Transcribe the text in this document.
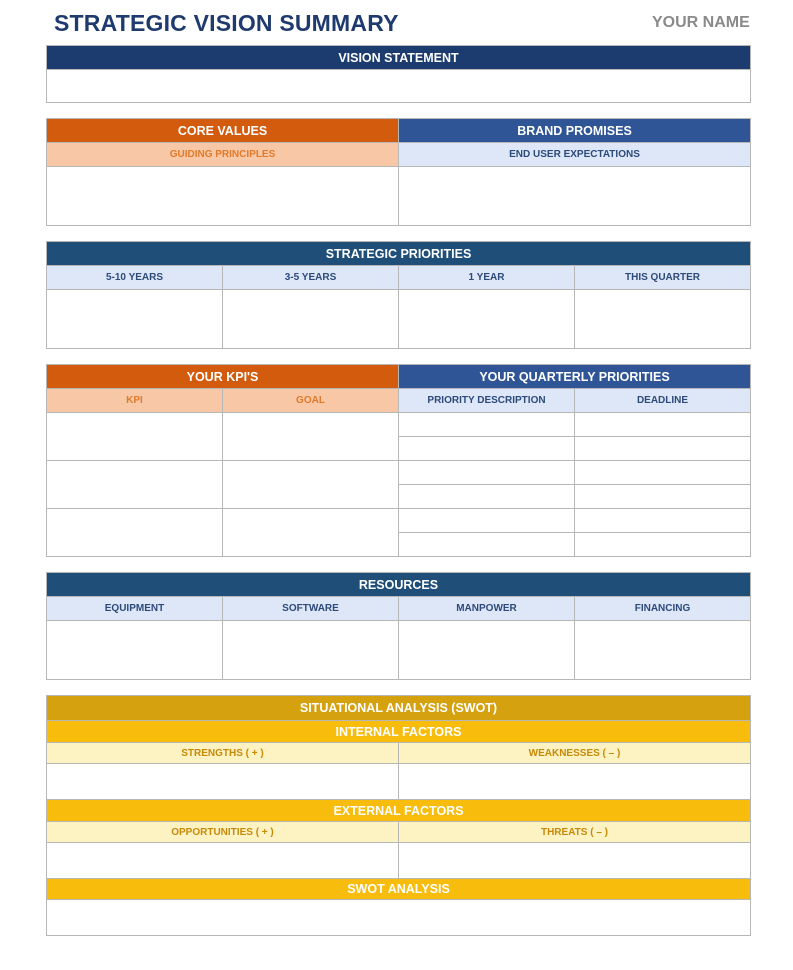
STRATEGIC VISION SUMMARY	YOUR NAME
VISION STATEMENT
CORE VALUES	BRAND PROMISES
GUIDING PRINCIPLES	END USER EXPECTATIONS
STRATEGIC PRIORITIES
5-10 YEARS	3-5 YEARS	1 YEAR	THIS QUARTER
YOUR KPI'S	YOUR QUARTERLY PRIORITIES
KPI	GOAL	PRIORITY DESCRIPTION	DEADLINE
RESOURCES
EQUIPMENT	SOFTWARE	MANPOWER	FINANCING
SITUATIONAL ANALYSIS (SWOT)
INTERNAL FACTORS
STRENGTHS ( + )	WEAKNESSES ( – )
EXTERNAL FACTORS
OPPORTUNITIES ( + )	THREATS ( – )
SWOT ANALYSIS
